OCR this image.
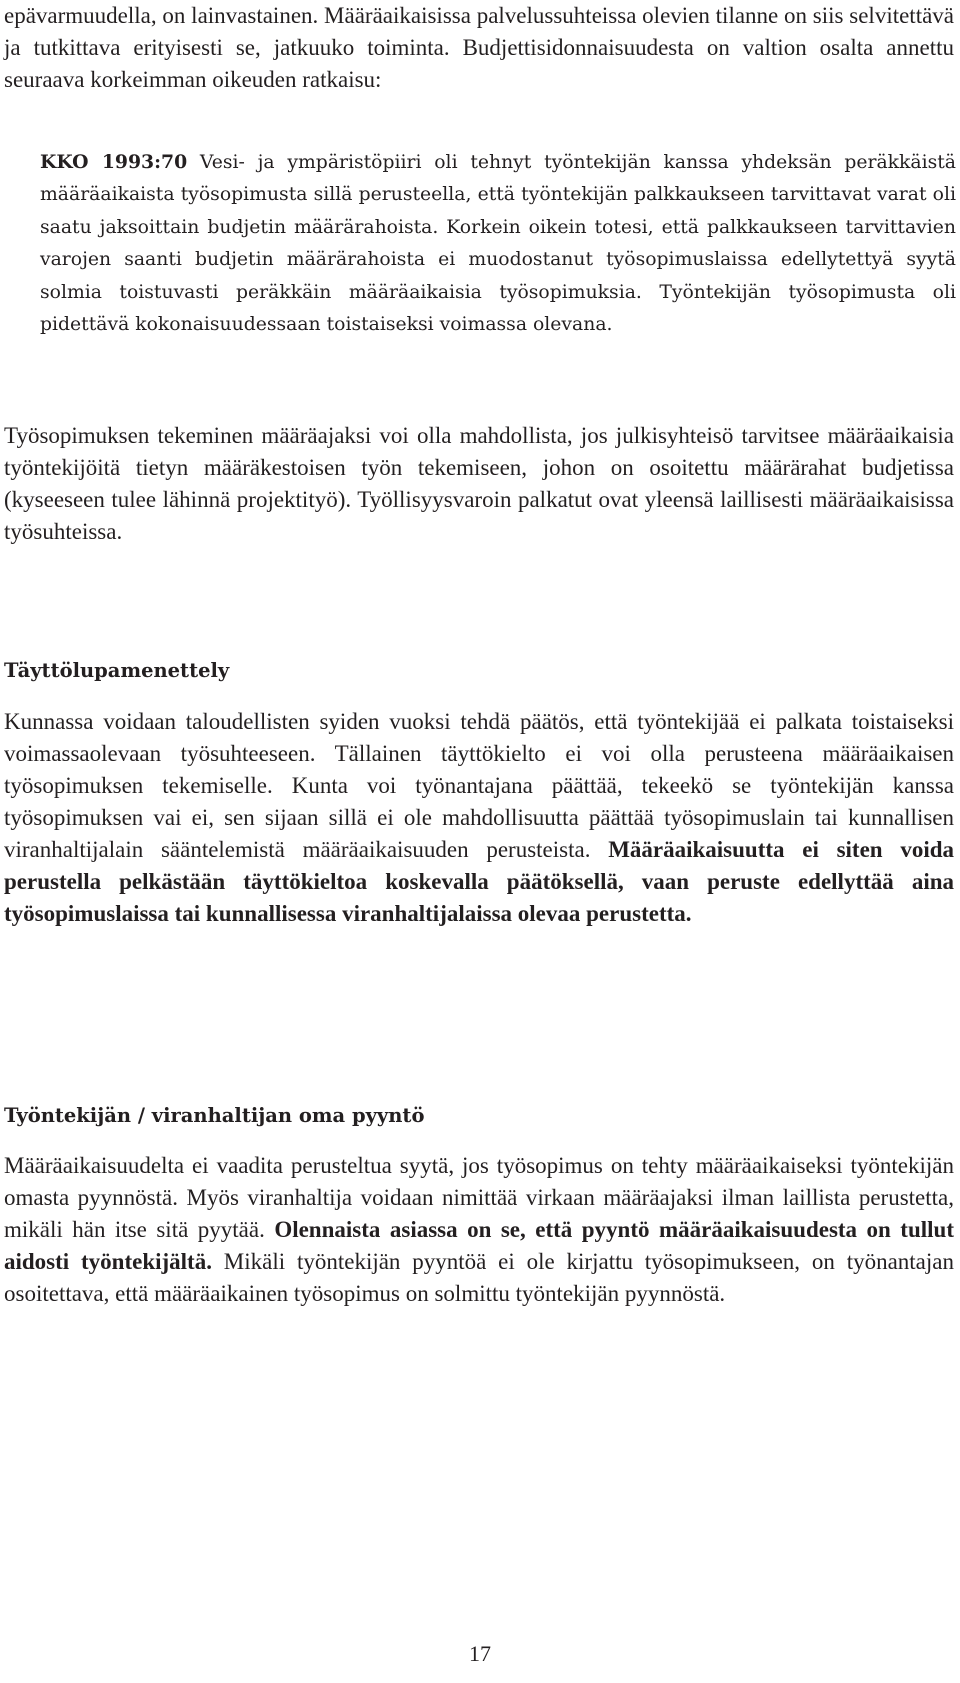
epävarmuudella, on lainvastainen. Määräaikaisissa palvelussuhteissa olevien tilanne on siis selvitettävä ja tutkittava erityisesti se, jatkuuko toiminta. Budjettisidonnaisuudesta on valtion osalta annettu seuraava korkeimman oikeuden ratkaisu:

KKO 1993:70 Vesi- ja ympäristöpiiri oli tehnyt työntekijän kanssa yhdeksän peräkkäistä määräaikaista työsopimusta sillä perusteella, että työntekijän palkkaukseen tarvittavat varat oli saatu jaksoittain budjetin määrärahoista. Korkein oikein totesi, että palkkaukseen tarvittavien varojen saanti budjetin määrärahoista ei muodostanut työsopimuslaissa edellytettyä syytä solmia toistuvasti peräkkäin määräaikaisia työsopimuksia. Työntekijän työsopimusta oli pidettävä kokonaisuudessaan toistaiseksi voimassa olevana.

Työsopimuksen tekeminen määräajaksi voi olla mahdollista, jos julkisyhteisö tarvitsee määräaikaisia työntekijöitä tietyn määräkestoisen työn tekemiseen, johon on osoitettu määrärahat budjetissa (kyseeseen tulee lähinnä projektityö). Työllisyysvaroin palkatut ovat yleensä laillisesti määräaikaisissa työsuhteissa.

Täyttölupamenettely

Kunnassa voidaan taloudellisten syiden vuoksi tehdä päätös, että työntekijää ei palkata toistaiseksi voimassaolevaan työsuhteeseen. Tällainen täyttökielto ei voi olla perusteena määräaikaisen työsopimuksen tekemiselle. Kunta voi työnantajana päättää, tekeekö se työntekijän kanssa työsopimuksen vai ei, sen sijaan sillä ei ole mahdollisuutta päättää työsopimuslain tai kunnallisen viranhaltijalain sääntelemistä määräaikaisuuden perusteista. Määräaikaisuutta ei siten voida perustella pelkästään täyttökieltoa koskevalla päätöksellä, vaan peruste edellyttää aina työsopimuslaissa tai kunnallisessa viranhaltijalaissa olevaa perustetta.

Työntekijän / viranhaltijan oma pyyntö

Määräaikaisuudelta ei vaadita perusteltua syytä, jos työsopimus on tehty määräaikaiseksi työntekijän omasta pyynnöstä. Myös viranhaltija voidaan nimittää virkaan määräajaksi ilman laillista perustetta, mikäli hän itse sitä pyytää. Olennaista asiassa on se, että pyyntö määräaikaisuudesta on tullut aidosti työntekijältä. Mikäli työntekijän pyyntöä ei ole kirjattu työsopimukseen, on työnantajan osoitettava, että määräaikainen työsopimus on solmittu työntekijän pyynnöstä.

17
